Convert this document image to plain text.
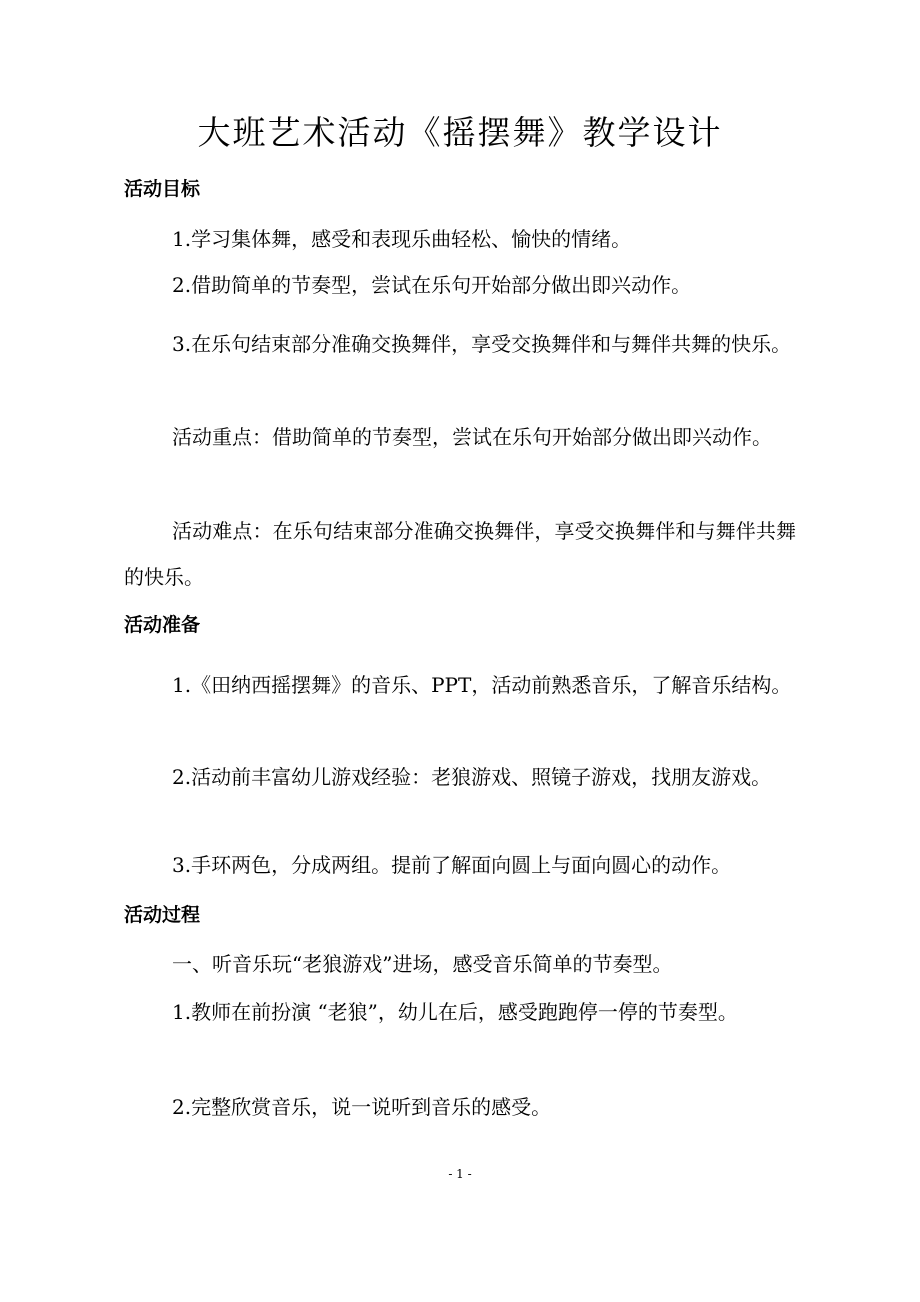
大班艺术活动《摇摆舞》教学设计
活动目标
1.学习集体舞，感受和表现乐曲轻松、愉快的情绪。
2.借助简单的节奏型，尝试在乐句开始部分做出即兴动作。
3.在乐句结束部分准确交换舞伴，享受交换舞伴和与舞伴共舞的快乐。
活动重点：借助简单的节奏型，尝试在乐句开始部分做出即兴动作。
活动难点：在乐句结束部分准确交换舞伴，享受交换舞伴和与舞伴共舞的快乐。
活动准备
1.《田纳西摇摆舞》的音乐、PPT，活动前熟悉音乐，了解音乐结构。
2.活动前丰富幼儿游戏经验：老狼游戏、照镜子游戏，找朋友游戏。
3.手环两色，分成两组。提前了解面向圆上与面向圆心的动作。
活动过程
一、听音乐玩“老狼游戏”进场，感受音乐简单的节奏型。
1.教师在前扮演 “老狼”，幼儿在后，感受跑跑停一停的节奏型。
2.完整欣赏音乐，说一说听到音乐的感受。
- 1 -
